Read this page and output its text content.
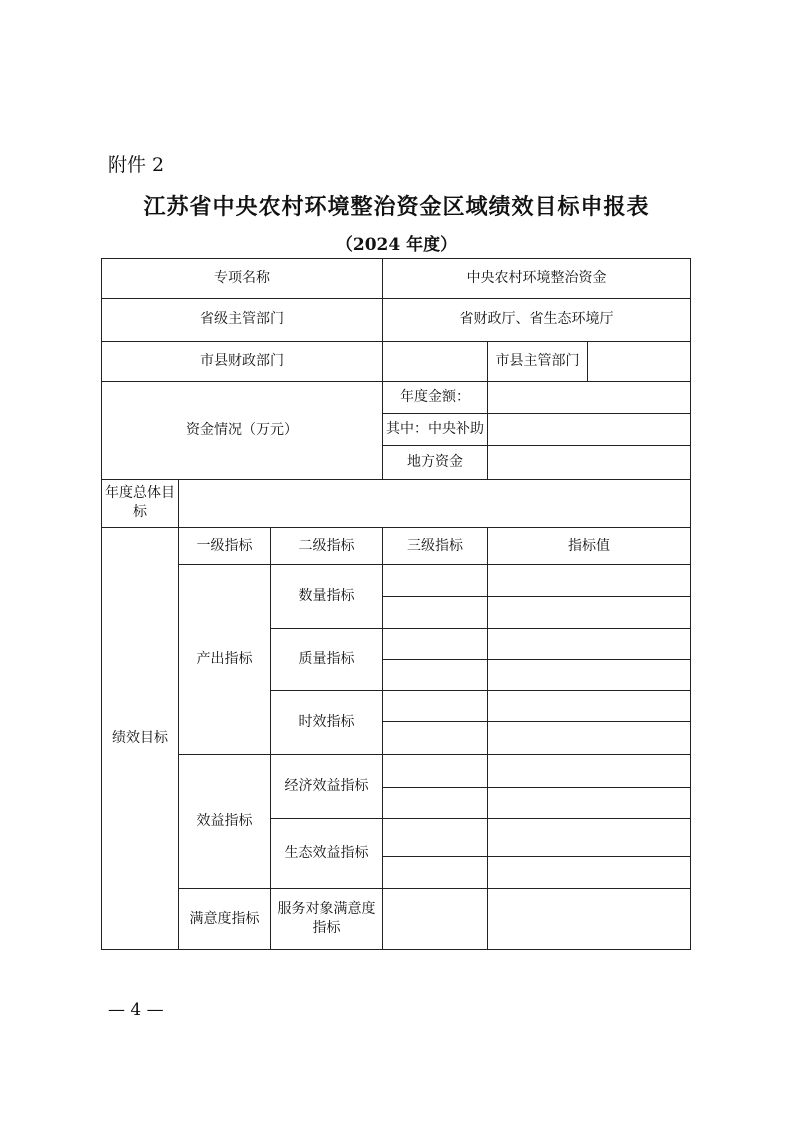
附件 2
江苏省中央农村环境整治资金区域绩效目标申报表
（2024 年度）
专项名称			中央农村环境整治资金		
省级主管部门			省财政厅、省生态环境厅		
市县财政部门				市县主管部门	
资金情况（万元）			年度金额：		
			其中：中央补助		
			地方资金		
年度总体目标					
绩效目标	一级指标	二级指标	三级指标	指标值	
	产出指标	数量指标			

		质量指标			

		时效指标			

	效益指标	经济效益指标			

		生态效益指标			

	满意度指标	服务对象满意度指标			
— 4 —
